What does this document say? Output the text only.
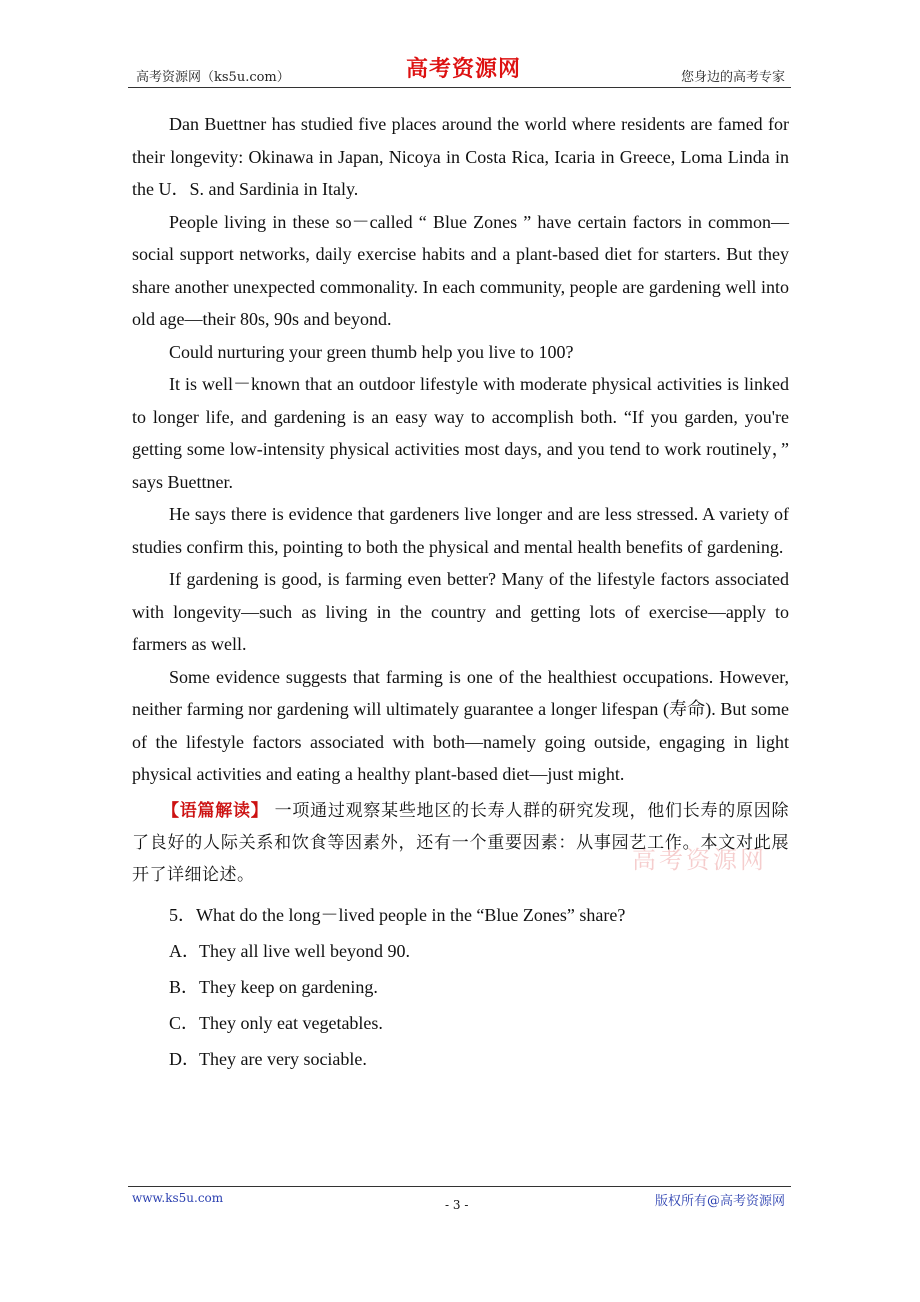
高考资源网（ks5u.com）	高考资源网	您身边的高考专家
高考资源网

Dan Buettner has studied five places around the world where residents are famed for their longevity: Okinawa in Japan, Nicoya in Costa Rica, Icaria in Greece, Loma Linda in the U．S. and Sardinia in Italy.

People living in these so－called “ Blue Zones ” have certain factors in common—social support networks, daily exercise habits and a plant-based diet for starters. But they share another unexpected commonality. In each community, people are gardening well into old age—their 80s, 90s and beyond.

Could nurturing your green thumb help you live to 100?

It is well－known that an outdoor lifestyle with moderate physical activities is linked to longer life, and gardening is an easy way to accomplish both. “If you garden, you're getting some low-intensity physical activities most days, and you tend to work routinely，” says Buettner.

He says there is evidence that gardeners live longer and are less stressed. A variety of studies confirm this, pointing to both the physical and mental health benefits of gardening.

If gardening is good, is farming even better? Many of the lifestyle factors associated with longevity—such as living in the country and getting lots of exercise—apply to farmers as well.

Some evidence suggests that farming is one of the healthiest occupations. However, neither farming nor gardening will ultimately guarantee a longer lifespan (寿命). But some of the lifestyle factors associated with both—namely going outside, engaging in light physical activities and eating a healthy plant-based diet—just might.

【语篇解读】 一项通过观察某些地区的长寿人群的研究发现，他们长寿的原因除了良好的人际关系和饮食等因素外，还有一个重要因素：从事园艺工作。本文对此展开了详细论述。

5．What do the long－lived people in the “Blue Zones” share?
A．They all live well beyond 90.
B．They keep on gardening.
C．They only eat vegetables.
D．They are very sociable.
www.ks5u.com	- 3 -	版权所有@高考资源网
